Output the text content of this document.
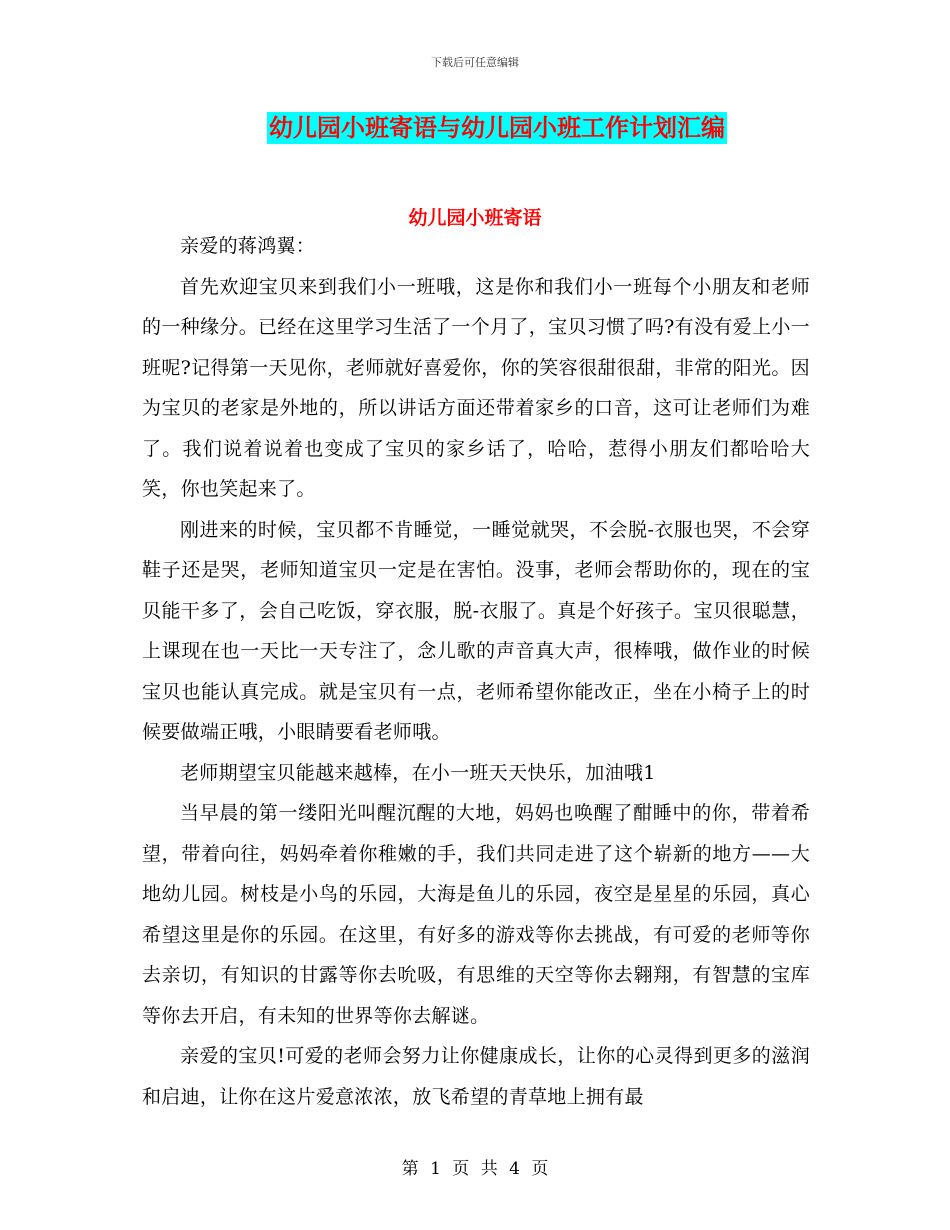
下载后可任意编辑
幼儿园小班寄语与幼儿园小班工作计划汇编
幼儿园小班寄语

亲爱的蒋鸿翼：

首先欢迎宝贝来到我们小一班哦，这是你和我们小一班每个小朋友和老师的一种缘分。已经在这里学习生活了一个月了，宝贝习惯了吗?有没有爱上小一班呢?记得第一天见你，老师就好喜爱你，你的笑容很甜很甜，非常的阳光。因为宝贝的老家是外地的，所以讲话方面还带着家乡的口音，这可让老师们为难了。我们说着说着也变成了宝贝的家乡话了，哈哈，惹得小朋友们都哈哈大笑，你也笑起来了。

刚进来的时候，宝贝都不肯睡觉，一睡觉就哭，不会脱-衣服也哭，不会穿鞋子还是哭，老师知道宝贝一定是在害怕。没事，老师会帮助你的，现在的宝贝能干多了，会自己吃饭，穿衣服，脱-衣服了。真是个好孩子。宝贝很聪慧，上课现在也一天比一天专注了，念儿歌的声音真大声，很棒哦，做作业的时候宝贝也能认真完成。就是宝贝有一点，老师希望你能改正，坐在小椅子上的时候要做端正哦，小眼睛要看老师哦。

老师期望宝贝能越来越棒，在小一班天天快乐，加油哦1

当早晨的第一缕阳光叫醒沉醒的大地，妈妈也唤醒了酣睡中的你，带着希望，带着向往，妈妈牵着你稚嫩的手，我们共同走进了这个崭新的地方——大地幼儿园。树枝是小鸟的乐园，大海是鱼儿的乐园，夜空是星星的乐园，真心希望这里是你的乐园。在这里，有好多的游戏等你去挑战，有可爱的老师等你去亲切，有知识的甘露等你去吮吸，有思维的天空等你去翱翔，有智慧的宝库等你去开启，有未知的世界等你去解谜。

亲爱的宝贝!可爱的老师会努力让你健康成长，让你的心灵得到更多的滋润和启迪，让你在这片爱意浓浓，放飞希望的青草地上拥有最

第 1 页 共 4 页
